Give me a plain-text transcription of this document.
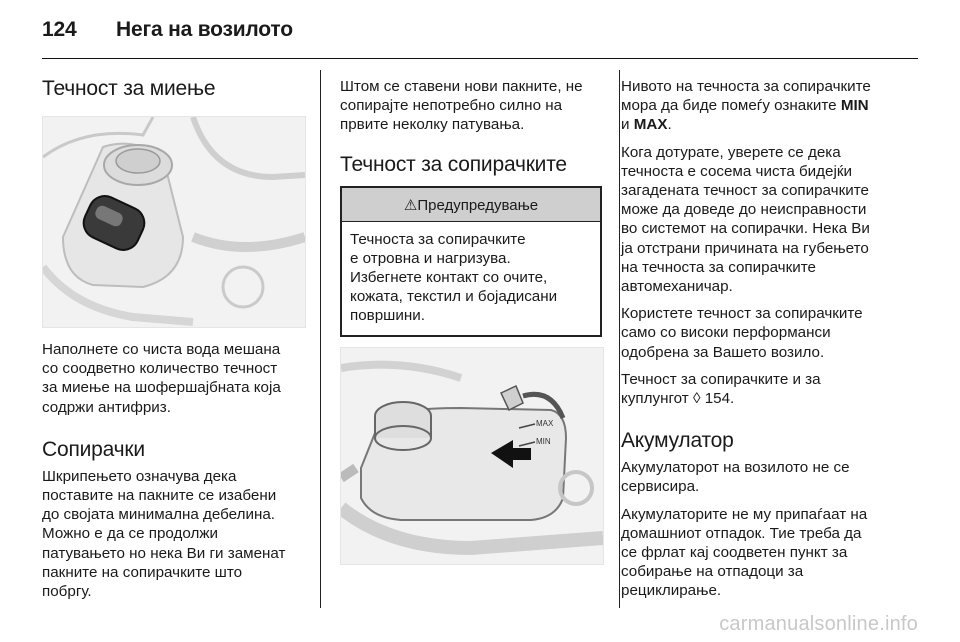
124 Нега на возилото
Течност за миење

Наполнете со чиста вода мешана
со соодветно количество течност
за миење на шофершајбната која
содржи антифриз.

Сопирачки

Шкрипењето означува дека
поставите на пакните се изабени
до својата минимална дебелина.
Можно е да се продолжи
патувањето но нека Ви ги заменат
пакните на сопирачките што
побргу.

Штом се ставени нови пакните, не
сопирајте непотребно силно на
првите неколку патувања.

Течност за сопирачките
⚠Предупредување

Течноста за сопирачките
е отровна и нагризува.
Избегнете контакт со очите,
кожата, текстил и бојадисани
површини.

MAX
MIN

Нивото на течноста за сопирачките
мора да биде помеѓу ознаките MIN
и MAX.

Кога дотурате, уверете се дека
течноста е сосема чиста бидејќи
загадената течност за сопирачките
може да доведе до неисправности
во системот на сопирачки. Нека Ви
ја отстрани причината на губењето
на течноста за сопирачките
автомеханичар.

Користете течност за сопирачките
само со високи перформанси
одобрена за Вашето возило.

Течност за сопирачките и за
куплунгот ◊ 154.

Акумулатор

Акумулаторот на возилото не се
сервисира.

Акумулаторите не му припаѓаат на
домашниот отпадок. Тие треба да
се фрлат кај соодветен пункт за
собирање на отпадоци за
рециклирање.

carmanualsonline.info
